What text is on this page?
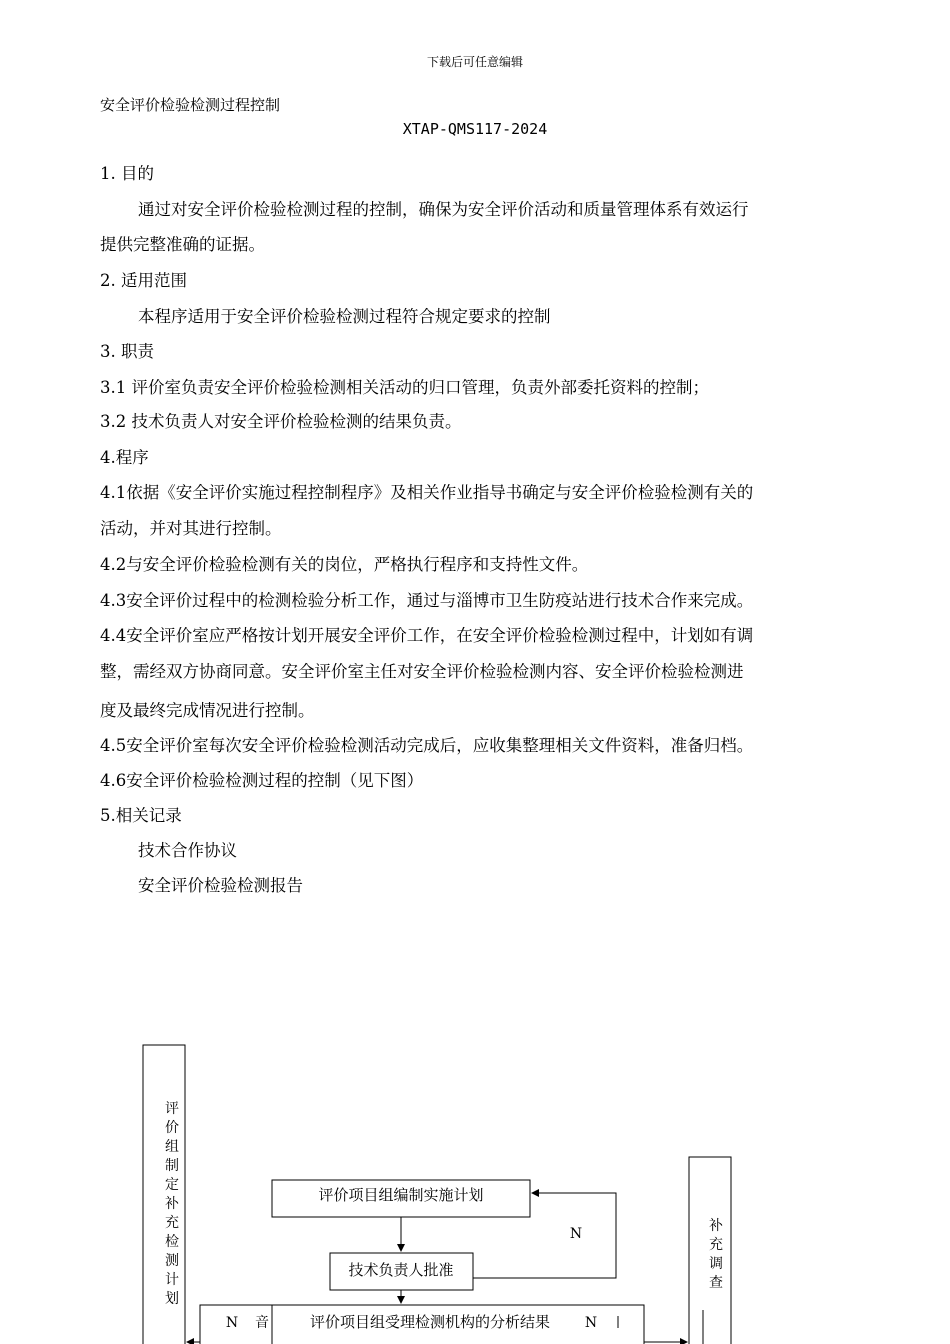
下载后可任意编辑
安全评价检验检测过程控制
XTAP-QMS117-2024
1. 目的
通过对安全评价检验检测过程的控制，确保为安全评价活动和质量管理体系有效运行
提供完整准确的证据。
2. 适用范围
本程序适用于安全评价检验检测过程符合规定要求的控制
3. 职责
3.1 评价室负责安全评价检验检测相关活动的归口管理，负责外部委托资料的控制；
3.2 技术负责人对安全评价检验检测的结果负责。
4.程序
4.1依据《安全评价实施过程控制程序》及相关作业指导书确定与安全评价检验检测有关的
活动，并对其进行控制。
4.2与安全评价检验检测有关的岗位，严格执行程序和支持性文件。
4.3安全评价过程中的检测检验分析工作，通过与淄博市卫生防疫站进行技术合作来完成。
4.4安全评价室应严格按计划开展安全评价工作，在安全评价检验检测过程中，计划如有调
整，需经双方协商同意。安全评价室主任对安全评价检验检测内容、安全评价检验检测进
度及最终完成情况进行控制。
4.5安全评价室每次安全评价检验检测活动完成后，应收集整理相关文件资料，准备归档。
4.6安全评价检验检测过程的控制（见下图）
5.相关记录
技术合作协议
安全评价检验检测报告
评
价
组
制
定
补
充
检
测
计
划
补
充
调
查
评价项目组编制实施计划
技术负责人批准
评价项目组受理检测机构的分析结果
N
N 音	N
